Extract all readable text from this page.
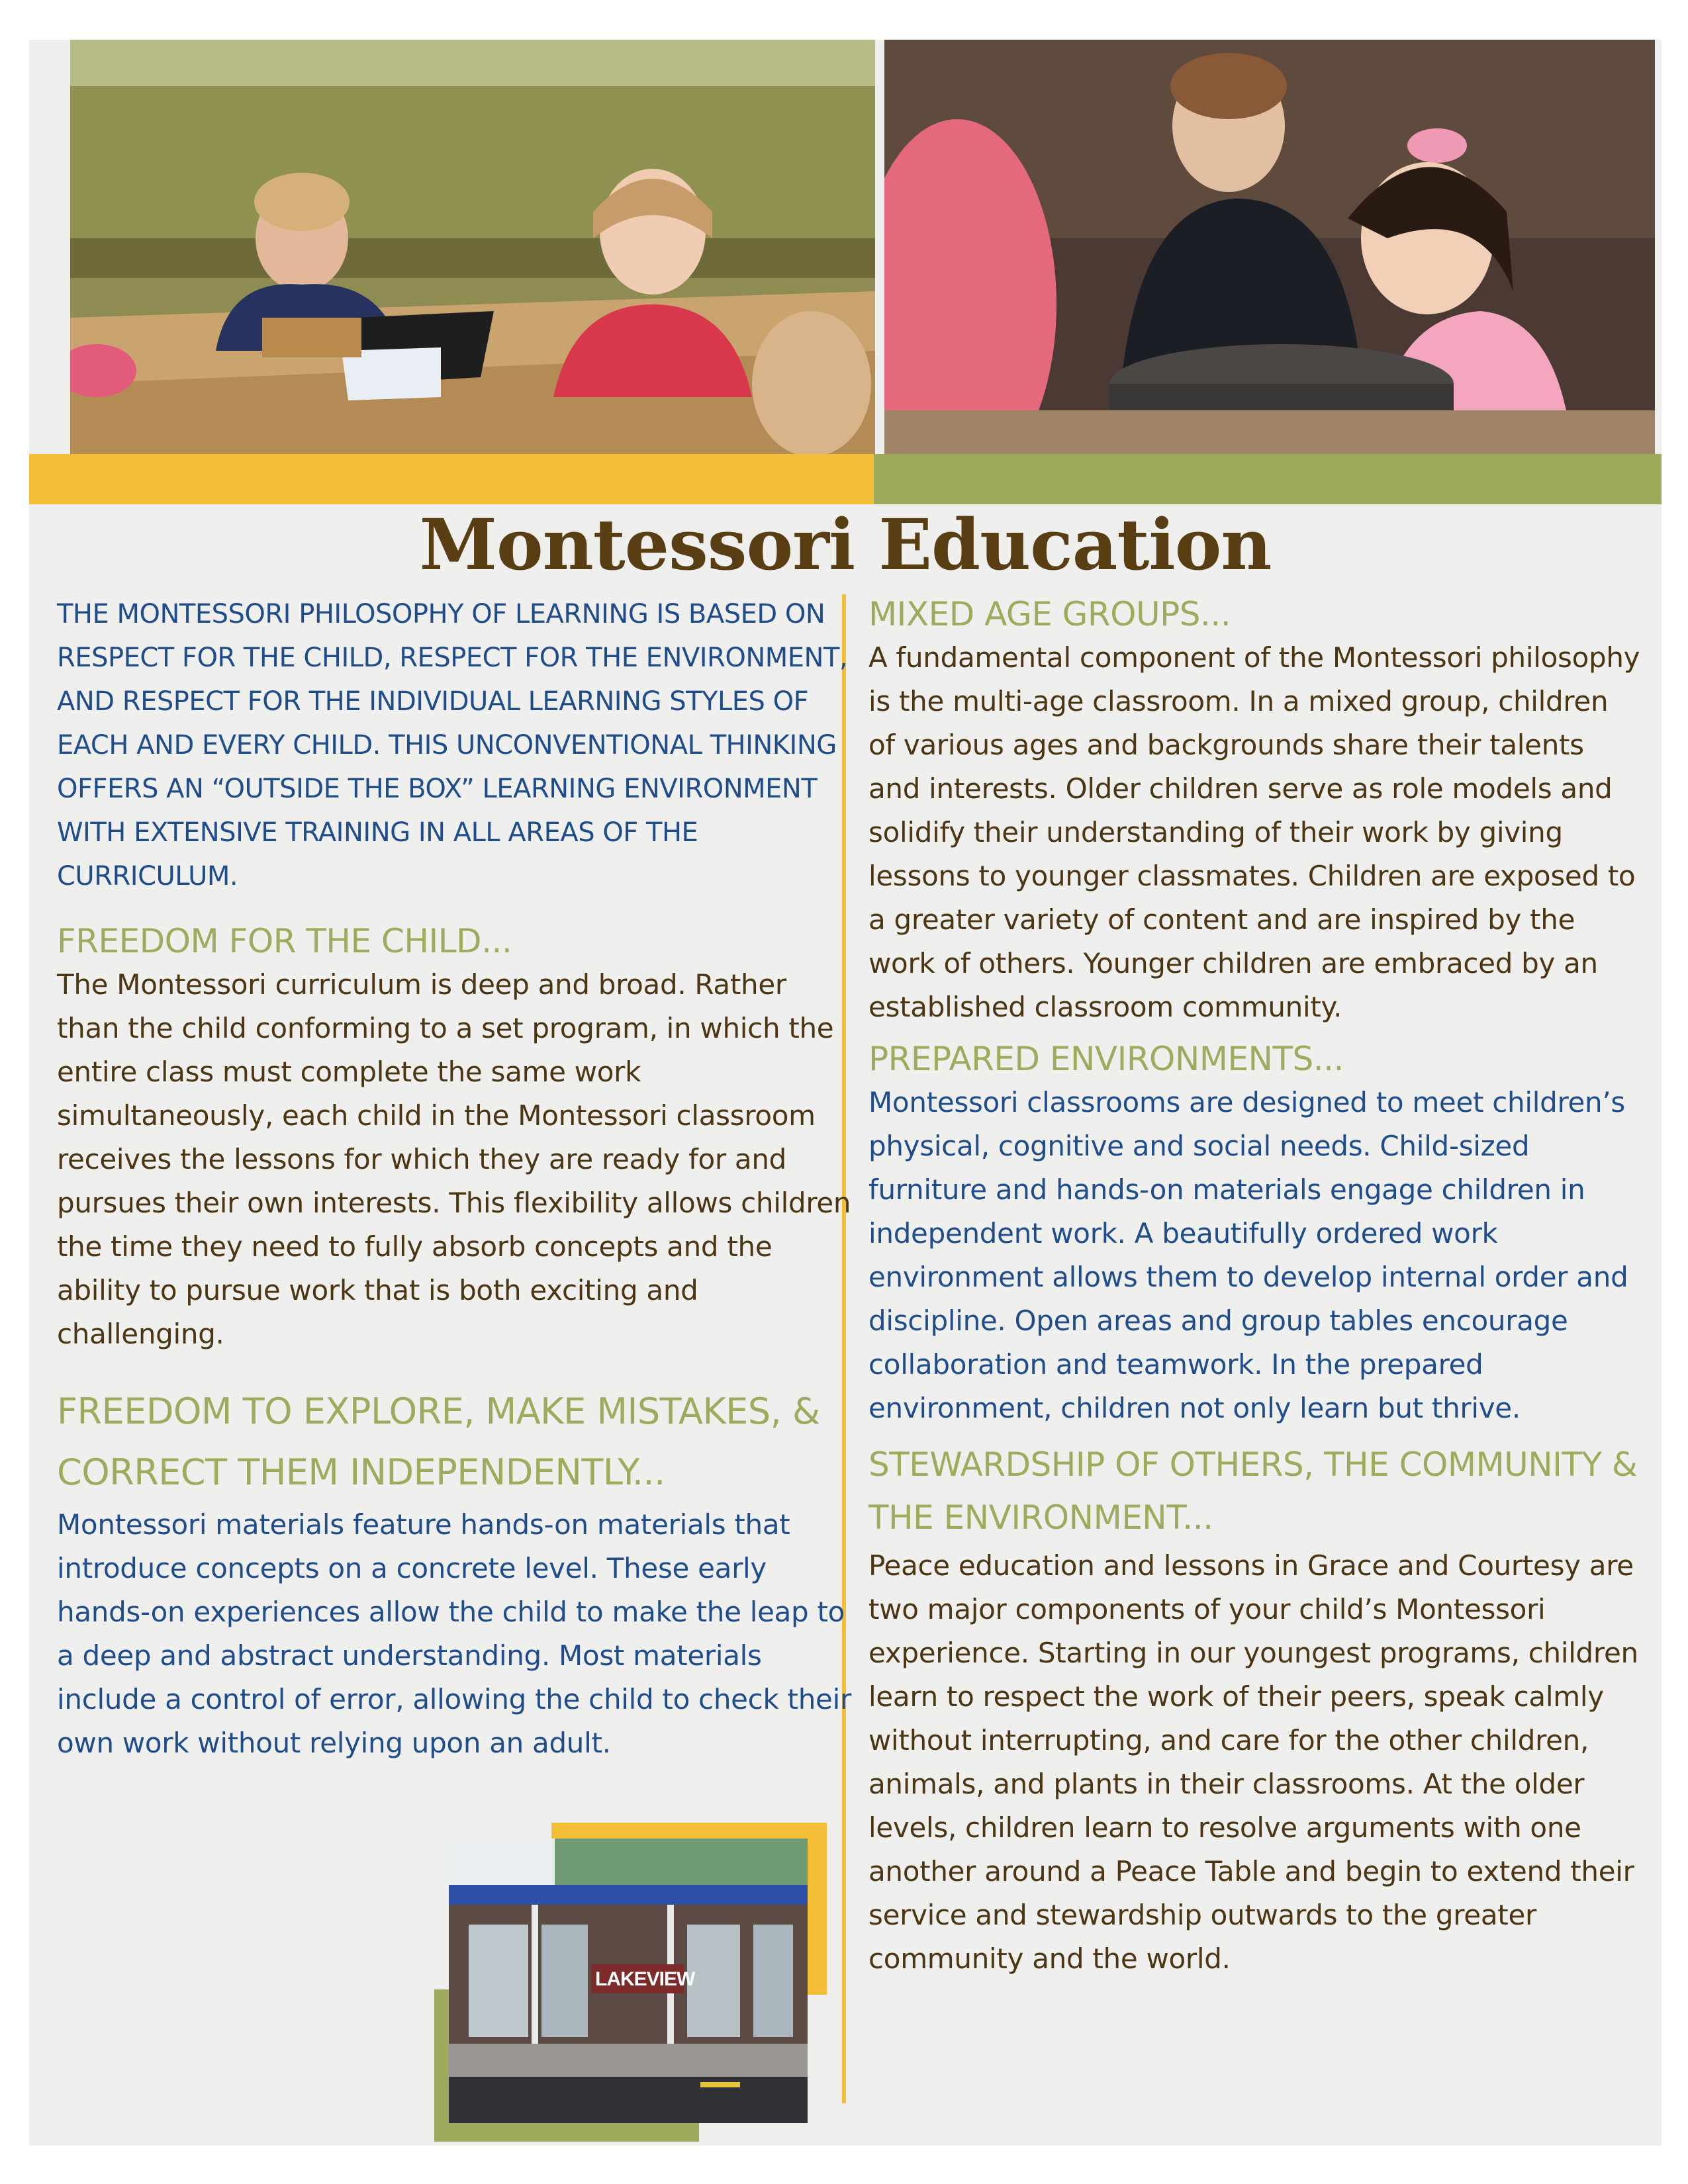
Montessori Education

THE MONTESSORI PHILOSOPHY OF LEARNING IS BASED ON RESPECT FOR THE CHILD, RESPECT FOR THE ENVIRONMENT, AND RESPECT FOR THE INDIVIDUAL LEARNING STYLES OF EACH AND EVERY CHILD. THIS UNCONVENTIONAL THINKING OFFERS AN “OUTSIDE THE BOX” LEARNING ENVIRONMENT WITH EXTENSIVE TRAINING IN ALL AREAS OF THE CURRICULUM.

FREEDOM FOR THE CHILD...

The Montessori curriculum is deep and broad. Rather than the child conforming to a set program, in which the entire class must complete the same work simultaneously, each child in the Montessori classroom receives the lessons for which they are ready for and pursues their own interests. This flexibility allows children the time they need to fully absorb concepts and the ability to pursue work that is both exciting and challenging.

FREEDOM TO EXPLORE, MAKE MISTAKES, & CORRECT THEM INDEPENDENTLY...

Montessori materials feature hands-on materials that introduce concepts on a concrete level. These early hands-on experiences allow the child to make the leap to a deep and abstract understanding. Most materials include a control of error, allowing the child to check their own work without relying upon an adult.

MIXED AGE GROUPS...

A fundamental component of the Montessori philosophy is the multi-age classroom. In a mixed group, children of various ages and backgrounds share their talents and interests. Older children serve as role models and solidify their understanding of their work by giving lessons to younger classmates. Children are exposed to a greater variety of content and are inspired by the work of others. Younger children are embraced by an established classroom community.

PREPARED ENVIRONMENTS...

Montessori classrooms are designed to meet children’s physical, cognitive and social needs. Child-sized furniture and hands-on materials engage children in independent work. A beautifully ordered work environment allows them to develop internal order and discipline. Open areas and group tables encourage collaboration and teamwork. In the prepared environment, children not only learn but thrive.

STEWARDSHIP OF OTHERS, THE COMMUNITY & THE ENVIRONMENT...

Peace education and lessons in Grace and Courtesy are two major components of your child’s Montessori experience. Starting in our youngest programs, children learn to respect the work of their peers, speak calmly without interrupting, and care for the other children, animals, and plants in their classrooms. At the older levels, children learn to resolve arguments with one another around a Peace Table and begin to extend their service and stewardship outwards to the greater community and the world.

LAKEVIEW
